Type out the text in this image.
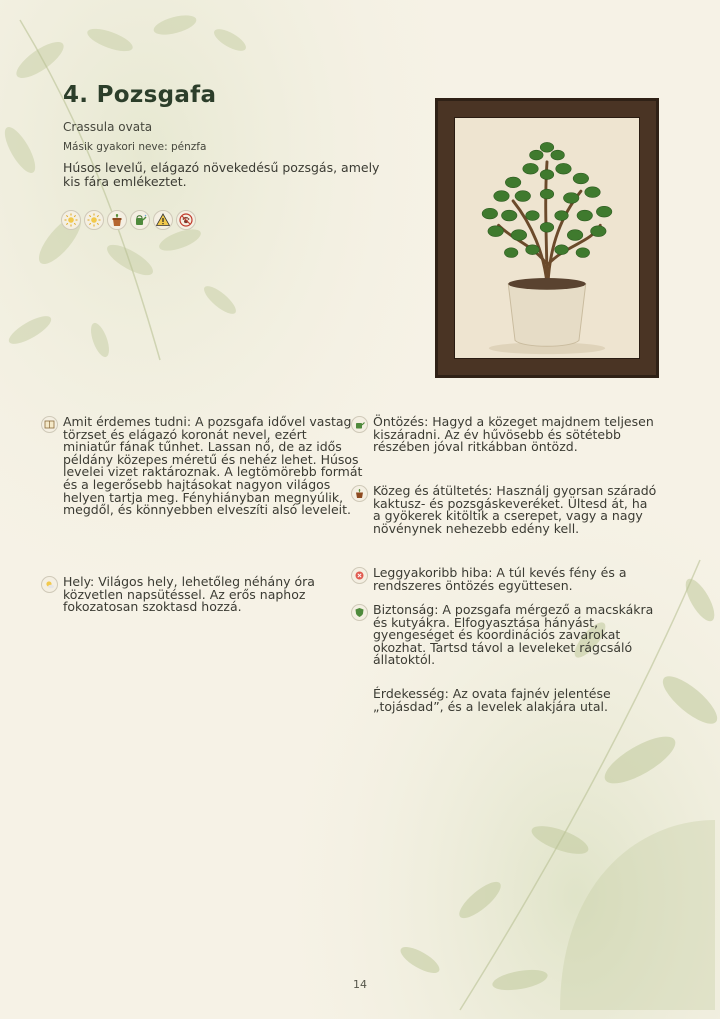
4. Pozsgafa
Crassula ovata
Másik gyakori neve: pénzfa
Húsos levelű, elágazó növekedésű pozsgás, amely kis fára emlékeztet.

Amit érdemes tudni: A pozsgafa idővel vastag törzset és elágazó koronát nevel, ezért miniatűr fának tűnhet. Lassan nő, de az idős példány közepes méretű és nehéz lehet. Húsos levelei vizet raktároznak. A legtömörebb formát és a legerősebb hajtásokat nagyon világos helyen tartja meg. Fényhiányban megnyúlik, megdől, és könnyebben elveszíti alsó leveleit.

Hely: Világos hely, lehetőleg néhány óra közvetlen napsütéssel. Az erős naphoz fokozatosan szoktasd hozzá.

Öntözés: Hagyd a közeget majdnem teljesen kiszáradni. Az év hűvösebb és sötétebb részében jóval ritkábban öntözd.

Közeg és átültetés: Használj gyorsan száradó kaktusz- és pozsgáskeveréket. Ültesd át, ha a gyökerek kitöltik a cserepet, vagy a nagy növénynek nehezebb edény kell.

Leggyakoribb hiba: A túl kevés fény és a rendszeres öntözés együttesen.

Biztonság: A pozsgafa mérgező a macskákra és kutyákra. Elfogyasztása hányást, gyengeséget és koordinációs zavarokat okozhat. Tartsd távol a leveleket rágcsáló állatoktól.

Érdekesség: Az ovata fajnév jelentése „tojásdad”, és a levelek alakjára utal.

14
